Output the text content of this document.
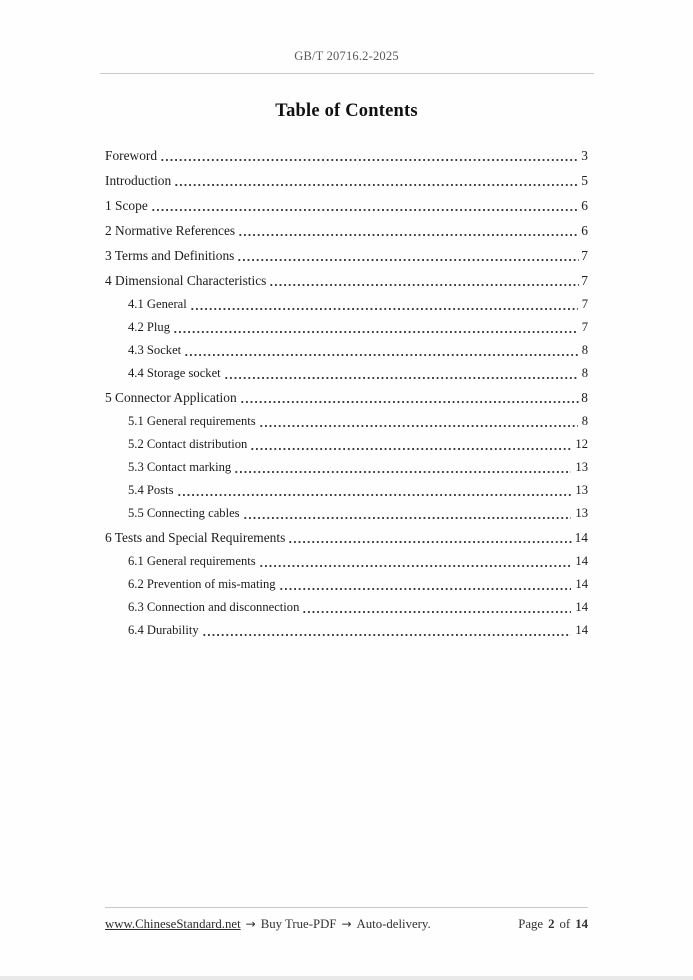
GB/T 20716.2-2025
Table of Contents
Foreword	3
Introduction	5
1 Scope	6
2 Normative References	6
3 Terms and Definitions	7
4 Dimensional Characteristics	7
4.1 General	7
4.2 Plug	7
4.3 Socket	8
4.4 Storage socket	8
5 Connector Application	8
5.1 General requirements	8
5.2 Contact distribution	12
5.3 Contact marking	13
5.4 Posts	13
5.5 Connecting cables	13
6 Tests and Special Requirements	14
6.1 General requirements	14
6.2 Prevention of mis-mating	14
6.3 Connection and disconnection	14
6.4 Durability	14
www.ChineseStandard.net → Buy True-PDF → Auto-delivery.	Page 2 of 14
